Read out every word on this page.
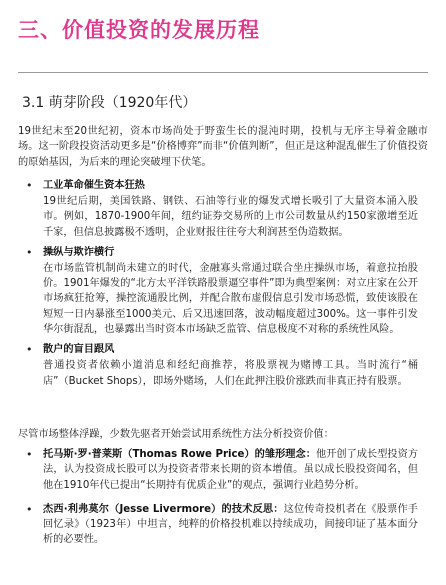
三、价值投资的发展历程
3.1 萌芽阶段（1920年代）

19世纪末至20世纪初，资本市场尚处于野蛮生长的混沌时期，投机与无序主导着金融市场。这一阶段投资活动更多是“价格博弈”而非“价值判断”，但正是这种混乱催生了价值投资的原始基因，为后来的理论突破埋下伏笔。

• 工业革命催生资本狂热
19世纪后期，美国铁路、钢铁、石油等行业的爆发式增长吸引了大量资本涌入股市。例如，1870-1900年间，纽约证券交易所的上市公司数量从约150家激增至近千家，但信息披露极不透明，企业财报往往夸大利润甚至伪造数据。
• 操纵与欺诈横行
在市场监管机制尚未建立的时代，金融寡头常通过联合坐庄操纵市场，着意拉抬股价。1901年爆发的“北方太平洋铁路股票逼空事件”即为典型案例：对立庄家在公开市场疯狂抢筹，操控流通股比例，并配合散布虚假信息引发市场恐慌，致使该股在短短一日内暴涨至1000美元、后又迅速回落，波动幅度超过300%。这一事件引发华尔街混乱，也暴露出当时资本市场缺乏监管、信息极度不对称的系统性风险。
• 散户的盲目跟风
普通投资者依赖小道消息和经纪商推荐，将股票视为赌博工具。当时流行“桶店”（Bucket Shops），即场外赌场，人们在此押注股价涨跌而非真正持有股票。

尽管市场整体浮躁，少数先驱者开始尝试用系统性方法分析投资价值：

• 托马斯·罗·普莱斯（Thomas Rowe Price）的雏形理念：他开创了成长型投资方法，认为投资成长股可以为投资者带来长期的资本增值。虽以成长股投资闻名，但他在1910年代已提出“长期持有优质企业”的观点，强调行业趋势分析。
• 杰西·利弗莫尔（Jesse Livermore）的技术反思：这位传奇投机者在《股票作手回忆录》（1923年）中坦言，纯粹的价格投机难以持续成功，间接印证了基本面分析的必要性。
